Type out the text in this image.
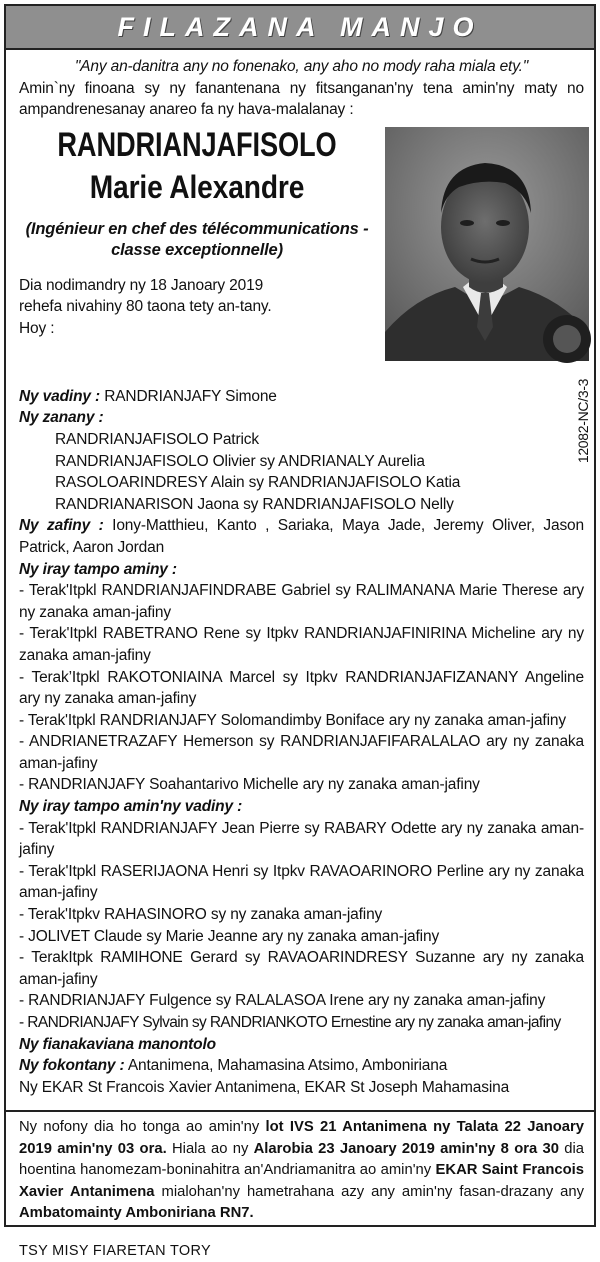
FILAZANA MANJO
"Any an-danitra any no fonenako, any aho no mody raha miala ety."
Amin`ny finoana sy ny fanantenana ny fitsanganan'ny tena amin'ny maty no ampandrenesanay anareo fa ny hava-malalanay :
RANDRIANJAFISOLO
Marie Alexandre
(Ingénieur en chef des télécommunications - classe exceptionnelle)
Dia nodimandry ny 18 Janoary 2019
rehefa nivahiny 80 taona tety an-tany.
Hoy :
12082-NC/3-3
Ny vadiny : RANDRIANJAFY Simone
Ny zanany :
RANDRIANJAFISOLO Patrick
RANDRIANJAFISOLO Olivier sy ANDRIANALY Aurelia
RASOLOARINDRESY Alain sy RANDRIANJAFISOLO Katia
RANDRIANARISON Jaona sy RANDRIANJAFISOLO Nelly
Ny zafiny : Iony-Matthieu, Kanto , Sariaka, Maya Jade, Jeremy Oliver, Jason Patrick, Aaron Jordan
Ny iray tampo aminy :
- Terak'Itpkl RANDRIANJAFINDRABE Gabriel sy RALIMANANA Marie Therese ary ny zanaka aman-jafiny
- Terak'Itpkl RABETRANO Rene sy Itpkv RANDRIANJAFINIRINA Micheline ary ny zanaka aman-jafiny
- Terak’Itpkl RAKOTONIAINA Marcel sy Itpkv RANDRIANJAFIZANANY Angeline ary ny zanaka aman-jafiny
- Terak'Itpkl RANDRIANJAFY Solomandimby Boniface ary ny zanaka aman-jafiny
- ANDRIANETRAZAFY Hemerson sy RANDRIANJAFIFARALALAO ary ny zanaka aman-jafiny
- RANDRIANJAFY Soahantarivo Michelle ary ny zanaka aman-jafiny
Ny iray tampo amin'ny vadiny :
- Terak'Itpkl RANDRIANJAFY Jean Pierre sy RABARY Odette ary ny zanaka aman-jafiny
- Terak'Itpkl RASERIJAONA Henri sy Itpkv RAVAOARINORO Perline ary ny zanaka aman-jafiny
- Terak'Itpkv RAHASINORO sy ny zanaka aman-jafiny
- JOLIVET Claude sy Marie Jeanne ary ny zanaka aman-jafiny
- TerakItpk RAMIHONE Gerard sy RAVAOARINDRESY Suzanne ary ny zanaka aman-jafiny
- RANDRIANJAFY Fulgence sy RALALASOA Irene ary ny zanaka aman-jafiny
- RANDRIANJAFY Sylvain sy RANDRIANKOTO Ernestine ary ny zanaka aman-jafiny
Ny fianakaviana manontolo
Ny fokontany : Antanimena, Mahamasina Atsimo, Amboniriana
Ny EKAR St Francois Xavier Antanimena, EKAR St Joseph Mahamasina
Ny nofony dia ho tonga ao amin'ny lot IVS 21 Antanimena ny Talata 22 Janoary 2019 amin'ny 03 ora. Hiala ao ny Alarobia 23 Janoary 2019 amin'ny 8 ora 30 dia hoentina hanomezam-boninahitra an'Andriamanitra ao amin'ny EKAR Saint Francois Xavier Antanimena mialohan'ny hametrahana azy any amin'ny fasan-drazany any Ambatomainty Amboniriana RN7.
TSY MISY FIARETAN TORY
